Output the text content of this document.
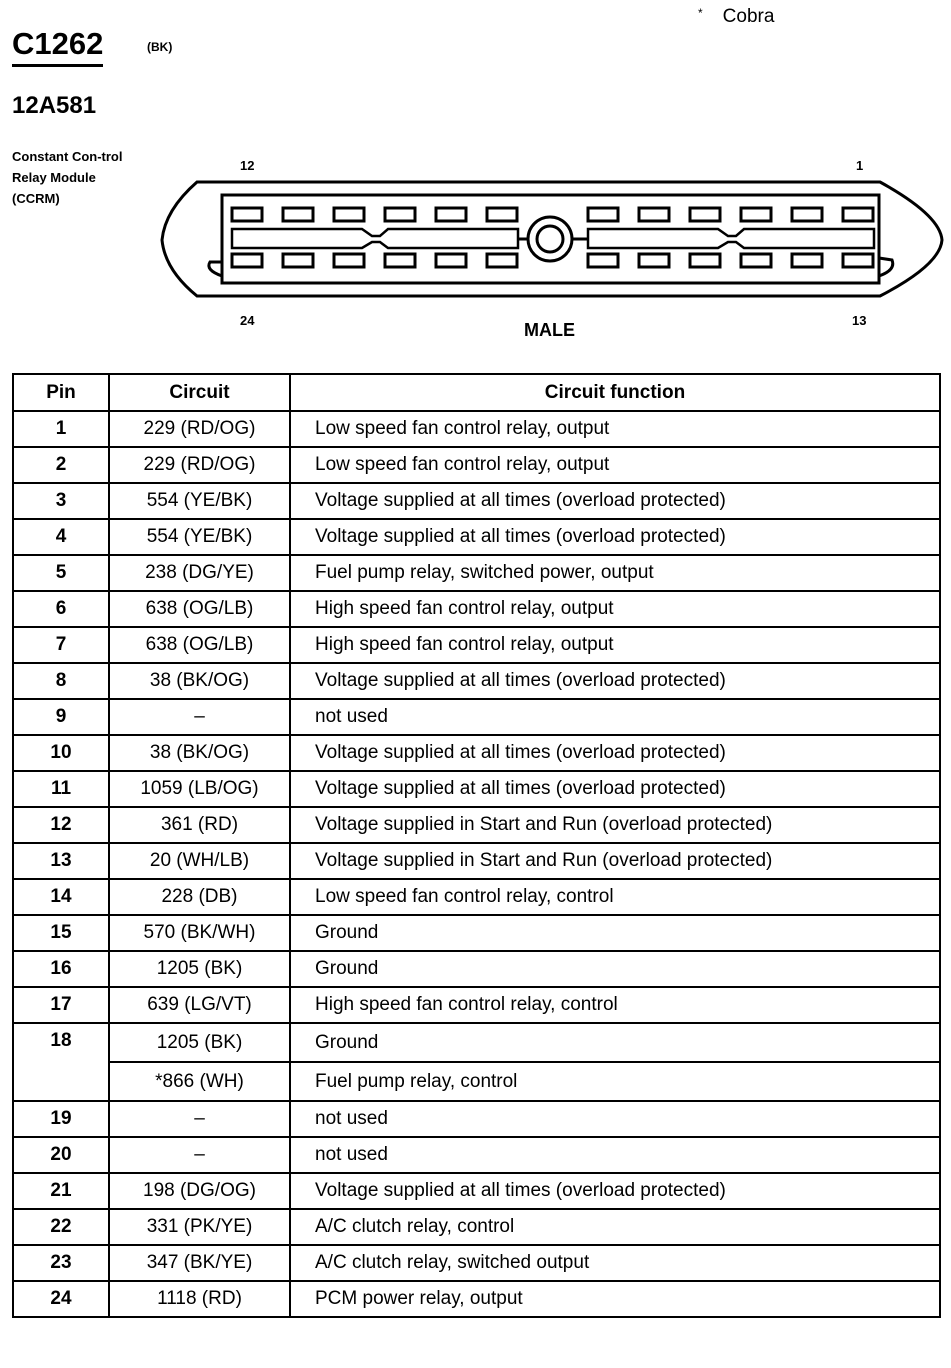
C1262	(BK)
12A581
Constant Con-trol Relay Module (CCRM)
* Cobra
12	1
24	13
MALE
Pin	Circuit	Circuit function
1	229 (RD/OG)	Low speed fan control relay, output
2	229 (RD/OG)	Low speed fan control relay, output
3	554 (YE/BK)	Voltage supplied at all times (overload protected)
4	554 (YE/BK)	Voltage supplied at all times (overload protected)
5	238 (DG/YE)	Fuel pump relay, switched power, output
6	638 (OG/LB)	High speed fan control relay, output
7	638 (OG/LB)	High speed fan control relay, output
8	38 (BK/OG)	Voltage supplied at all times (overload protected)
9	–	not used
10	38 (BK/OG)	Voltage supplied at all times (overload protected)
11	1059 (LB/OG)	Voltage supplied at all times (overload protected)
12	361 (RD)	Voltage supplied in Start and Run (overload protected)
13	20 (WH/LB)	Voltage supplied in Start and Run (overload protected)
14	228 (DB)	Low speed fan control relay, control
15	570 (BK/WH)	Ground
16	1205 (BK)	Ground
17	639 (LG/VT)	High speed fan control relay, control
18	1205 (BK)	Ground
	*866 (WH)	Fuel pump relay, control
19	–	not used
20	–	not used
21	198 (DG/OG)	Voltage supplied at all times (overload protected)
22	331 (PK/YE)	A/C clutch relay, control
23	347 (BK/YE)	A/C clutch relay, switched output
24	1118 (RD)	PCM power relay, output
